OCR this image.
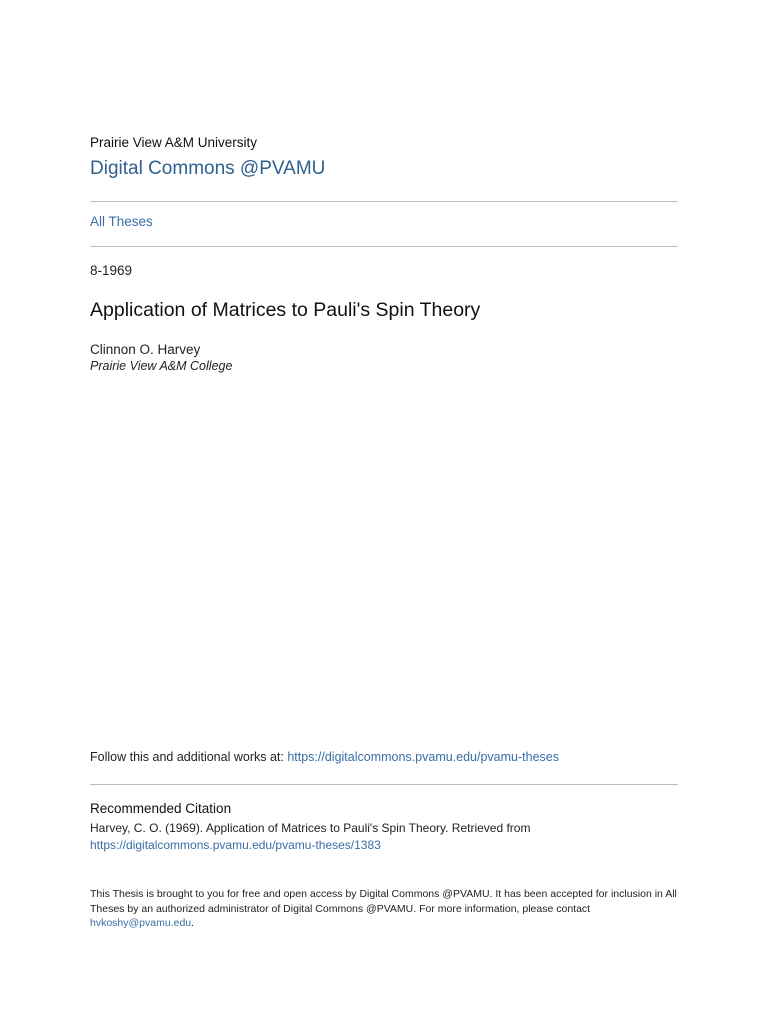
Prairie View A&M University
Digital Commons @PVAMU
All Theses
8-1969
Application of Matrices to Pauli's Spin Theory
Clinnon O. Harvey
Prairie View A&M College
Follow this and additional works at: https://digitalcommons.pvamu.edu/pvamu-theses
Recommended Citation
Harvey, C. O. (1969). Application of Matrices to Pauli's Spin Theory. Retrieved from
https://digitalcommons.pvamu.edu/pvamu-theses/1383
This Thesis is brought to you for free and open access by Digital Commons @PVAMU. It has been accepted for inclusion in All Theses by an authorized administrator of Digital Commons @PVAMU. For more information, please contact hvkoshy@pvamu.edu.
